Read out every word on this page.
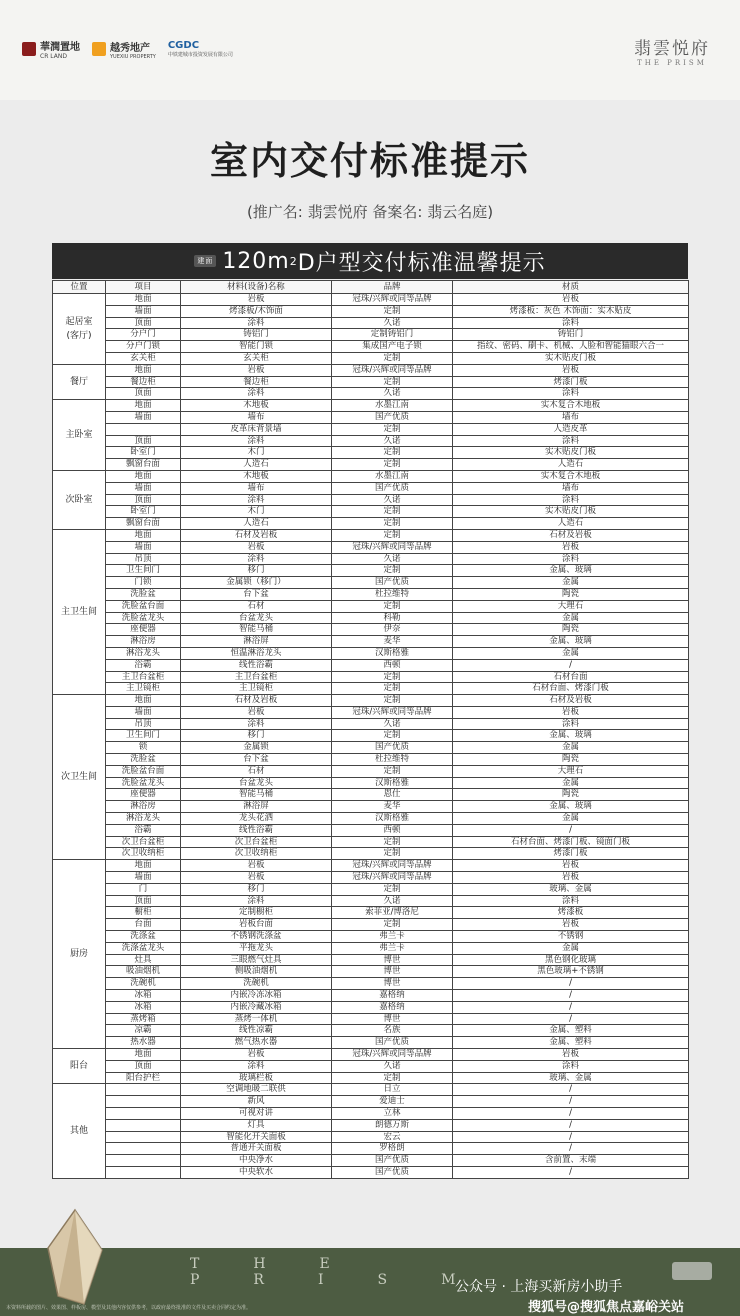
華潤置地
CR LAND
越秀地产
YUEXIU PROPERTY
CGDC
中铁建城市投资发展有限公司	翡雲悦府
THE PRISM
室内交付标准提示
(推广名: 翡雲悦府 备案名: 翡云名庭)
建面 120m 2 D户型交付标准温馨提示
位置	项目	材料(设备)名称	品牌	材质
起居室
(客厅)	地面	岩板	冠珠/兴辉或同等品牌	岩板
	墙面	烤漆板/木饰面	定制	烤漆板：灰色 木饰面：实木贴皮
	顶面	涂料	久诺	涂料
	分户门	铸铝门	定制铸铝门	铸铝门
	分户门锁	智能门锁	集成国产电子锁	指纹、密码、刷卡、机械、人脸和智能猫眼六合一
	玄关柜	玄关柜	定制	实木贴皮门板
餐厅	地面	岩板	冠珠/兴辉或同等品牌	岩板
	餐边柜	餐边柜	定制	烤漆门板
	顶面	涂料	久诺	涂料
主卧室	地面	木地板	水墨江南	实木复合木地板
	墙面	墙布	国产优质	墙布
		皮革床背景墙	定制	人造皮革
	顶面	涂料	久诺	涂料
	卧室门	木门	定制	实木贴皮门板
	飘窗台面	人造石	定制	人造石
次卧室	地面	木地板	水墨江南	实木复合木地板
	墙面	墙布	国产优质	墙布
	顶面	涂料	久诺	涂料
	卧室门	木门	定制	实木贴皮门板
	飘窗台面	人造石	定制	人造石
主卫生间	地面	石材及岩板	定制	石材及岩板
	墙面	岩板	冠珠/兴辉或同等品牌	岩板
	吊顶	涂料	久诺	涂料
	卫生间门	移门	定制	金属、玻璃
	门锁	金属锁（移门）	国产优质	金属
	洗脸盆	台下盆	杜拉维特	陶瓷
	洗脸盆台面	石材	定制	大理石
	洗脸盆龙头	台盆龙头	科勒	金属
	座便器	智能马桶	伊奈	陶瓷
	淋浴房	淋浴屏	麦华	金属、玻璃
	淋浴龙头	恒温淋浴龙头	汉斯格雅	金属
	浴霸	线性浴霸	西顿	/
	主卫台盆柜	主卫台盆柜	定制	石材台面
	主卫镜柜	主卫镜柜	定制	石材台面、烤漆门板
次卫生间	地面	石材及岩板	定制	石材及岩板
	墙面	岩板	冠珠/兴辉或同等品牌	岩板
	吊顶	涂料	久诺	涂料
	卫生间门	移门	定制	金属、玻璃
	锁	金属锁	国产优质	金属
	洗脸盆	台下盆	杜拉维特	陶瓷
	洗脸盆台面	石材	定制	大理石
	洗脸盆龙头	台盆龙头	汉斯格雅	金属
	座便器	智能马桶	恩仕	陶瓷
	淋浴房	淋浴屏	麦华	金属、玻璃
	淋浴龙头	龙头花洒	汉斯格雅	金属
	浴霸	线性浴霸	西顿	/
	次卫台盆柜	次卫台盆柜	定制	石材台面、烤漆门板、镜面门板
	次卫收纳柜	次卫收纳柜	定制	烤漆门板
厨房	地面	岩板	冠珠/兴辉或同等品牌	岩板
	墙面	岩板	冠珠/兴辉或同等品牌	岩板
	门	移门	定制	玻璃、金属
	顶面	涂料	久诺	涂料
	橱柜	定制橱柜	索菲亚/博洛尼	烤漆板
	台面	岩板台面	定制	岩板
	洗涤盆	不锈钢洗涤盆	弗兰卡	不锈钢
	洗涤盆龙头	平拖龙头	弗兰卡	金属
	灶具	三眼燃气灶具	博世	黑色钢化玻璃
	吸油烟机	侧吸油烟机	博世	黑色玻璃+不锈钢
	洗碗机	洗碗机	博世	/
	冰箱	内嵌冷冻冰箱	嘉格纳	/
	冰箱	内嵌冷藏冰箱	嘉格纳	/
	蒸烤箱	蒸烤一体机	博世	/
	凉霸	线性凉霸	名族	金属、塑料
	热水器	燃气热水器	国产优质	金属、塑料
阳台	地面	岩板	冠珠/兴辉或同等品牌	岩板
	顶面	涂料	久诺	涂料
	阳台护栏	玻璃栏板	定制	玻璃、金属
其他		空调地暖二联供	日立	/
		新风	爱迪士	/
		可视对讲	立林	/
		灯具	朗德万斯	/
		智能化开关面板	宏云	/
		普通开关面板	罗格朗	/
		中央净水	国产优质	含前置、末端
		中央软水	国产优质	/
THE PRISM
本资料所载的图片、效果图、样板房、模型及其他内容仅供参考，以政府最终批准的文件及买卖合同约定为准。
公众号 · 上海买新房小助手
搜狐号@搜狐焦点嘉峪关站
